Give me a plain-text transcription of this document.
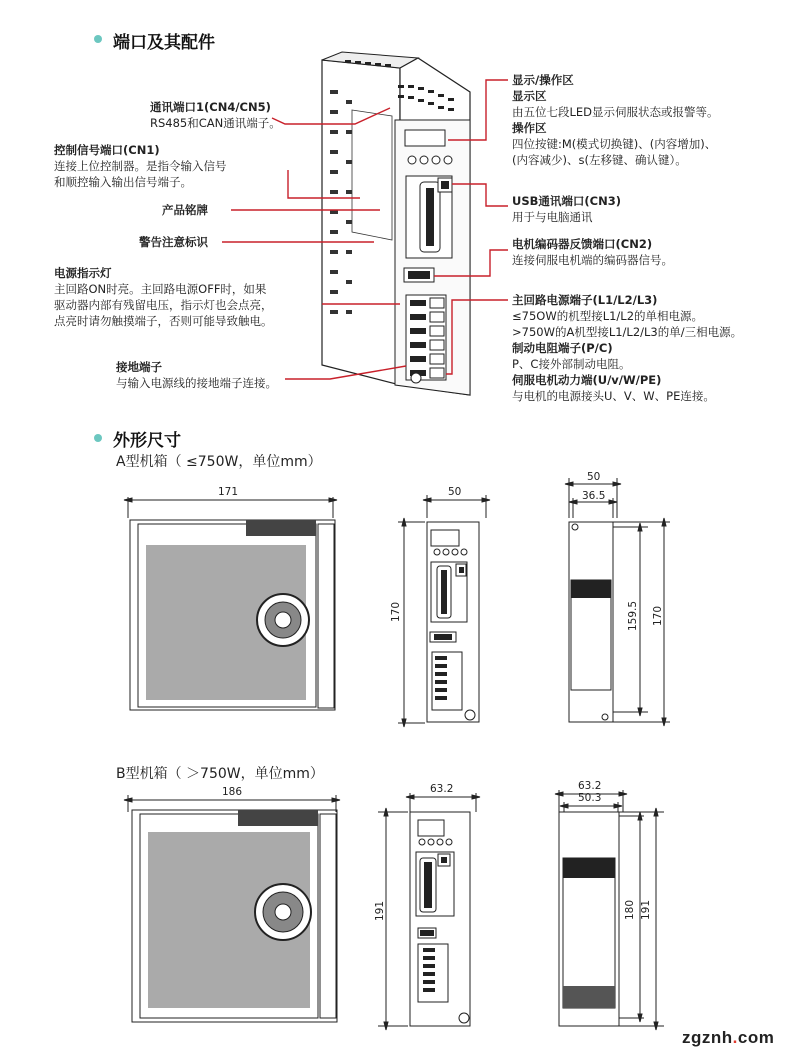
端口及其配件
通讯端口1(CN4/CN5)
RS485和CAN通讯端子。
控制信号端口(CN1)
连接上位控制器。是指令输入信号
和顺控输入输出信号端子。
产品铭牌
警告注意标识
电源指示灯
主回路ON时亮。主回路电源OFF时，如果
驱动器内部有残留电压，指示灯也会点亮，
点亮时请勿触摸端子，否则可能导致触电。
接地端子
与输入电源线的接地端子连接。
显示/操作区
显示区
由五位七段LED显示伺服状态或报警等。
操作区
四位按键:M(模式切换键)、(内容增加)、
(内容减少)、s(左移键、确认键）。
USB通讯端口(CN3)
用于与电脑通讯
电机编码器反馈端口(CN2)
连接伺服电机端的编码器信号。
主回路电源端子(L1/L2/L3)
≤75OW的机型接L1/L2的单相电源。
>750W的A机型接L1/L2/L3的单/三相电源。
制动电阻端子(P/C)
P、C接外部制动电阻。
伺服电机动力端(U/v/W/PE)
与电机的电源接头U、V、W、PE连接。
外形尺寸
A型机箱（ ≤750W，单位mm）
171	50
170
50
36.5
159.5 170
B型机箱（ ＞750W，单位mm）
186	63.2
191
63.2
50.3
180 191
zgznh.com
